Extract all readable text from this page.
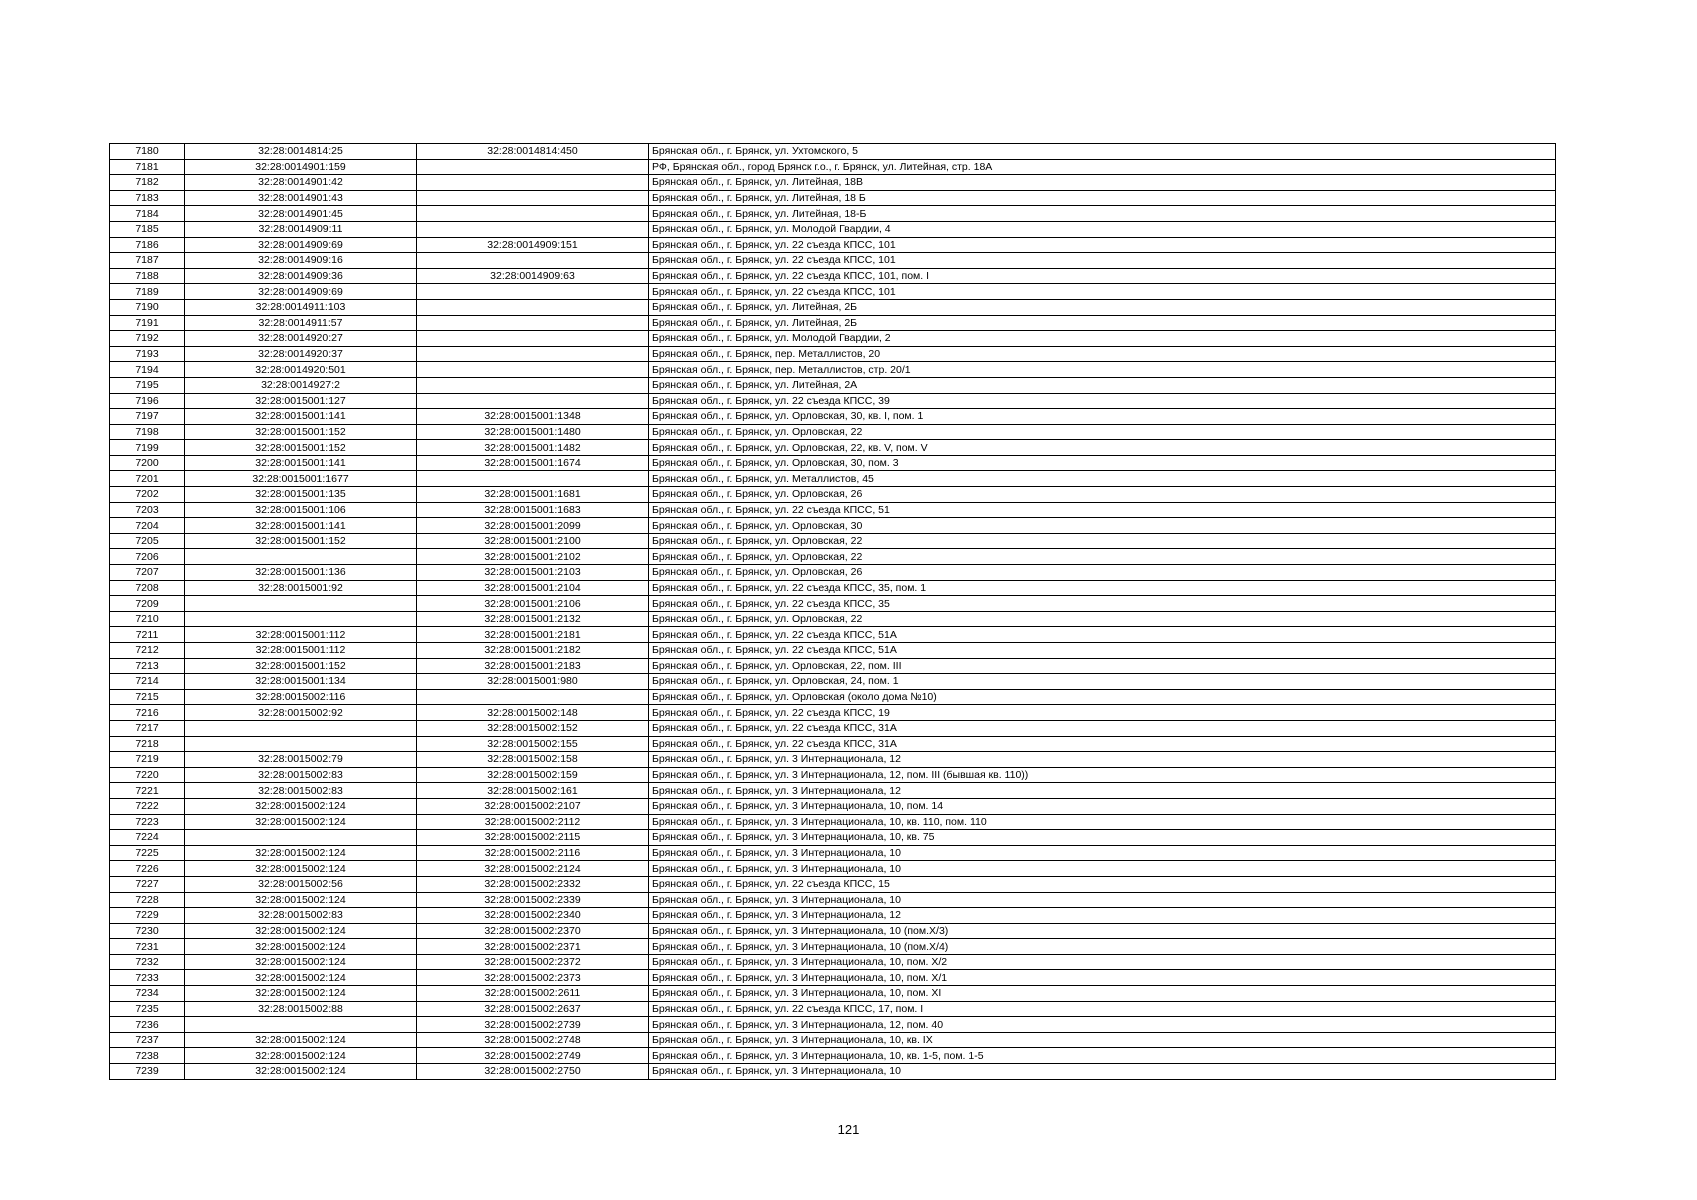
7180	32:28:0014814:25	32:28:0014814:450	Брянская обл., г. Брянск, ул. Ухтомского, 5
7181	32:28:0014901:159		РФ, Брянская обл., город Брянск г.о., г. Брянск, ул. Литейная, стр. 18А
7182	32:28:0014901:42		Брянская обл., г. Брянск, ул. Литейная, 18В
7183	32:28:0014901:43		Брянская обл., г. Брянск, ул. Литейная, 18 Б
7184	32:28:0014901:45		Брянская обл., г. Брянск, ул. Литейная, 18-Б
7185	32:28:0014909:11		Брянская обл., г. Брянск, ул. Молодой Гвардии, 4
7186	32:28:0014909:69	32:28:0014909:151	Брянская обл., г. Брянск, ул. 22 съезда КПСС, 101
7187	32:28:0014909:16		Брянская обл., г. Брянск, ул. 22 съезда КПСС, 101
7188	32:28:0014909:36	32:28:0014909:63	Брянская обл., г. Брянск, ул. 22 съезда КПСС, 101, пом. I
7189	32:28:0014909:69		Брянская обл., г. Брянск, ул. 22 съезда КПСС, 101
7190	32:28:0014911:103		Брянская обл., г. Брянск, ул. Литейная, 2Б
7191	32:28:0014911:57		Брянская обл., г. Брянск, ул. Литейная, 2Б
7192	32:28:0014920:27		Брянская обл., г. Брянск, ул. Молодой Гвардии, 2
7193	32:28:0014920:37		Брянская обл., г. Брянск, пер. Металлистов, 20
7194	32:28:0014920:501		Брянская обл., г. Брянск, пер. Металлистов, стр. 20/1
7195	32:28:0014927:2		Брянская обл., г. Брянск, ул. Литейная, 2А
7196	32:28:0015001:127		Брянская обл., г. Брянск, ул. 22 съезда КПСС, 39
7197	32:28:0015001:141	32:28:0015001:1348	Брянская обл., г. Брянск, ул. Орловская, 30, кв. I, пом. 1
7198	32:28:0015001:152	32:28:0015001:1480	Брянская обл., г. Брянск, ул. Орловская, 22
7199	32:28:0015001:152	32:28:0015001:1482	Брянская обл., г. Брянск, ул. Орловская, 22, кв. V, пом. V
7200	32:28:0015001:141	32:28:0015001:1674	Брянская обл., г. Брянск, ул. Орловская, 30, пом. 3
7201	32:28:0015001:1677		Брянская обл., г. Брянск, ул. Металлистов, 45
7202	32:28:0015001:135	32:28:0015001:1681	Брянская обл., г. Брянск, ул. Орловская, 26
7203	32:28:0015001:106	32:28:0015001:1683	Брянская обл., г. Брянск, ул. 22 съезда КПСС, 51
7204	32:28:0015001:141	32:28:0015001:2099	Брянская обл., г. Брянск, ул. Орловская, 30
7205	32:28:0015001:152	32:28:0015001:2100	Брянская обл., г. Брянск, ул. Орловская, 22
7206		32:28:0015001:2102	Брянская обл., г. Брянск, ул. Орловская, 22
7207	32:28:0015001:136	32:28:0015001:2103	Брянская обл., г. Брянск, ул. Орловская, 26
7208	32:28:0015001:92	32:28:0015001:2104	Брянская обл., г. Брянск, ул. 22 съезда КПСС, 35, пом. 1
7209		32:28:0015001:2106	Брянская обл., г. Брянск, ул. 22 съезда КПСС, 35
7210		32:28:0015001:2132	Брянская обл., г. Брянск, ул. Орловская, 22
7211	32:28:0015001:112	32:28:0015001:2181	Брянская обл., г. Брянск, ул. 22 съезда КПСС, 51А
7212	32:28:0015001:112	32:28:0015001:2182	Брянская обл., г. Брянск, ул. 22 съезда КПСС, 51А
7213	32:28:0015001:152	32:28:0015001:2183	Брянская обл., г. Брянск, ул. Орловская, 22, пом. III
7214	32:28:0015001:134	32:28:0015001:980	Брянская обл., г. Брянск, ул. Орловская, 24, пом. 1
7215	32:28:0015002:116		Брянская обл., г. Брянск, ул. Орловская (около дома №10)
7216	32:28:0015002:92	32:28:0015002:148	Брянская обл., г. Брянск, ул. 22 съезда КПСС, 19
7217		32:28:0015002:152	Брянская обл., г. Брянск, ул. 22 съезда КПСС, 31А
7218		32:28:0015002:155	Брянская обл., г. Брянск, ул. 22 съезда КПСС, 31А
7219	32:28:0015002:79	32:28:0015002:158	Брянская обл., г. Брянск, ул. 3 Интернационала, 12
7220	32:28:0015002:83	32:28:0015002:159	Брянская обл., г. Брянск, ул. 3 Интернационала, 12, пом. III (бывшая кв. 110))
7221	32:28:0015002:83	32:28:0015002:161	Брянская обл., г. Брянск, ул. 3 Интернационала, 12
7222	32:28:0015002:124	32:28:0015002:2107	Брянская обл., г. Брянск, ул. 3 Интернационала, 10, пом. 14
7223	32:28:0015002:124	32:28:0015002:2112	Брянская обл., г. Брянск, ул. 3 Интернационала, 10, кв. 110, пом. 110
7224		32:28:0015002:2115	Брянская обл., г. Брянск, ул. 3 Интернационала, 10, кв. 75
7225	32:28:0015002:124	32:28:0015002:2116	Брянская обл., г. Брянск, ул. 3 Интернационала, 10
7226	32:28:0015002:124	32:28:0015002:2124	Брянская обл., г. Брянск, ул. 3 Интернационала, 10
7227	32:28:0015002:56	32:28:0015002:2332	Брянская обл., г. Брянск, ул. 22 съезда КПСС, 15
7228	32:28:0015002:124	32:28:0015002:2339	Брянская обл., г. Брянск, ул. 3 Интернационала, 10
7229	32:28:0015002:83	32:28:0015002:2340	Брянская обл., г. Брянск, ул. 3 Интернационала, 12
7230	32:28:0015002:124	32:28:0015002:2370	Брянская обл., г. Брянск, ул. 3 Интернационала, 10 (пом.Х/3)
7231	32:28:0015002:124	32:28:0015002:2371	Брянская обл., г. Брянск, ул. 3 Интернационала, 10 (пом.Х/4)
7232	32:28:0015002:124	32:28:0015002:2372	Брянская обл., г. Брянск, ул. 3 Интернационала, 10, пом. Х/2
7233	32:28:0015002:124	32:28:0015002:2373	Брянская обл., г. Брянск, ул. 3 Интернационала, 10, пом. Х/1
7234	32:28:0015002:124	32:28:0015002:2611	Брянская обл., г. Брянск, ул. 3 Интернационала, 10, пом. XI
7235	32:28:0015002:88	32:28:0015002:2637	Брянская обл., г. Брянск, ул. 22 съезда КПСС, 17, пом. I
7236		32:28:0015002:2739	Брянская обл., г. Брянск, ул. 3 Интернационала, 12, пом. 40
7237	32:28:0015002:124	32:28:0015002:2748	Брянская обл., г. Брянск, ул. 3 Интернационала, 10, кв. IX
7238	32:28:0015002:124	32:28:0015002:2749	Брянская обл., г. Брянск, ул. 3 Интернационала, 10, кв. 1-5, пом. 1-5
7239	32:28:0015002:124	32:28:0015002:2750	Брянская обл., г. Брянск, ул. 3 Интернационала, 10
121
